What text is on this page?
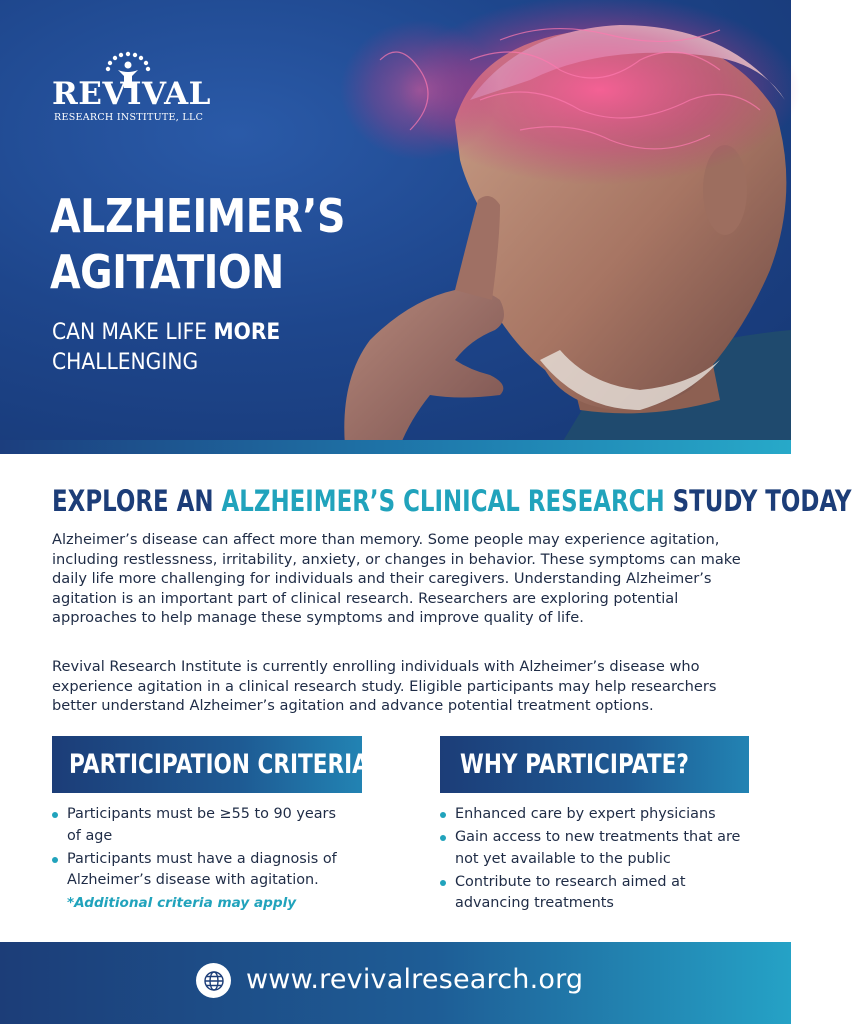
REVIVAL
RESEARCH INSTITUTE, LLC
ALZHEIMER’S
AGITATION
CAN MAKE LIFE MORE
CHALLENGING
EXPLORE AN ALZHEIMER’S CLINICAL RESEARCH STUDY TODAY

Alzheimer’s disease can affect more than memory. Some people may experience agitation, including restlessness, irritability, anxiety, or changes in behavior. These symptoms can make daily life more challenging for individuals and their caregivers. Understanding Alzheimer’s agitation is an important part of clinical research. Researchers are exploring potential approaches to help manage these symptoms and improve quality of life.

Revival Research Institute is currently enrolling individuals with Alzheimer’s disease who experience agitation in a clinical research study. Eligible participants may help researchers better understand Alzheimer’s agitation and advance potential treatment options.

PARTICIPATION CRITERIA
Participants must be ≥55 to 90 years of age
Participants must have a diagnosis of Alzheimer’s disease with agitation.
*Additional criteria may apply
WHY PARTICIPATE?
Enhanced care by expert physicians
Gain access to new treatments that are not yet available to the public
Contribute to research aimed at advancing treatments
www.revivalresearch.org
